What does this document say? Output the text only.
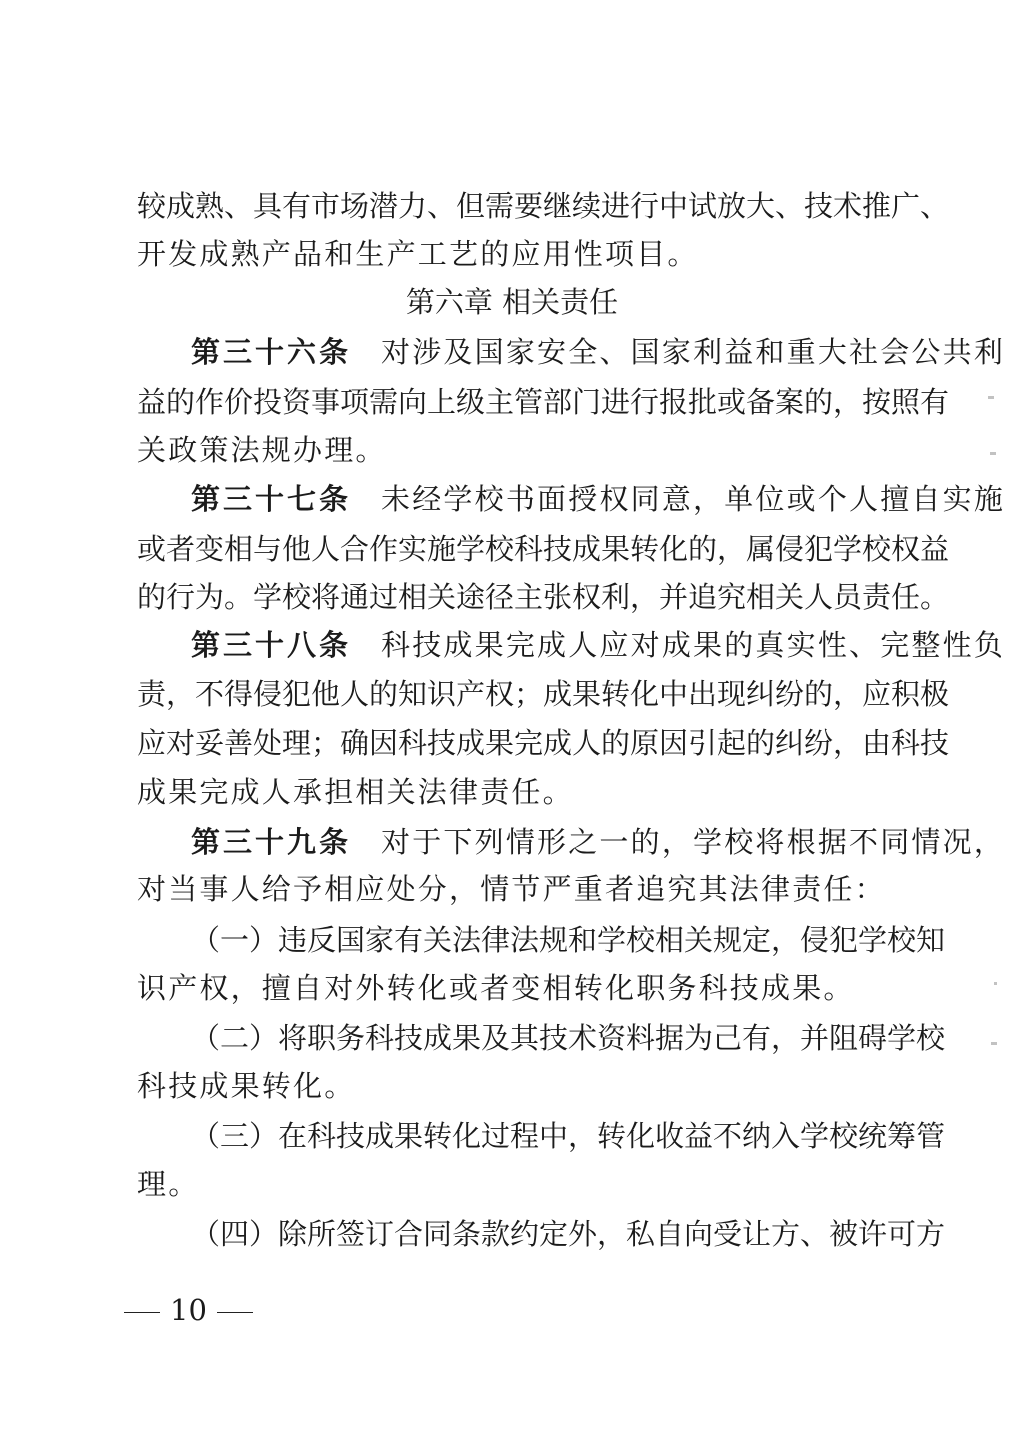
较成熟、具有市场潜力、但需要继续进行中试放大、技术推广、
开发成熟产品和生产工艺的应用性项目。
第六章 相关责任
第三十六条 对涉及国家安全、国家利益和重大社会公共利
益的作价投资事项需向上级主管部门进行报批或备案的，按照有
关政策法规办理。
第三十七条 未经学校书面授权同意，单位或个人擅自实施
或者变相与他人合作实施学校科技成果转化的，属侵犯学校权益
的行为。学校将通过相关途径主张权利，并追究相关人员责任。
第三十八条 科技成果完成人应对成果的真实性、完整性负
责，不得侵犯他人的知识产权；成果转化中出现纠纷的，应积极
应对妥善处理；确因科技成果完成人的原因引起的纠纷，由科技
成果完成人承担相关法律责任。
第三十九条 对于下列情形之一的，学校将根据不同情况，
对当事人给予相应处分，情节严重者追究其法律责任：
（一）违反国家有关法律法规和学校相关规定，侵犯学校知
识产权，擅自对外转化或者变相转化职务科技成果。
（二）将职务科技成果及其技术资料据为己有，并阻碍学校
科技成果转化。
（三）在科技成果转化过程中，转化收益不纳入学校统筹管
理。
（四）除所签订合同条款约定外，私自向受让方、被许可方
10
